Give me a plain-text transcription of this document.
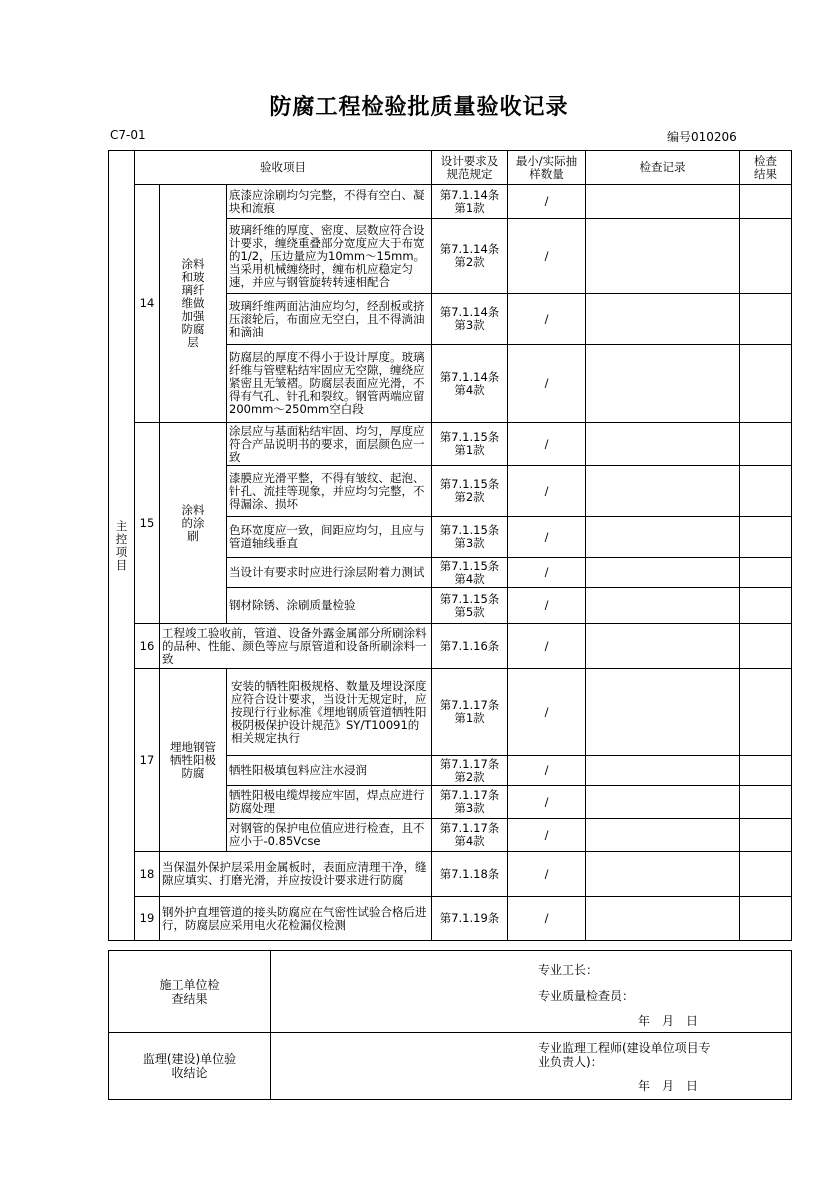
防腐工程检验批质量验收记录
C7-01	编号010206
主控项目	验收项目			设计要求及规范规定	最小/实际抽样数量	检查记录	检查结果

	14	涂料和玻璃纤维做加强防腐层	底漆应涂刷均匀完整，不得有空白、凝块和流痕	第7.1.14条第1款	/		
			玻璃纤维的厚度、密度、层数应符合设计要求，缠绕重叠部分宽度应大于布宽的1/2，压边量应为10mm～15mm。当采用机械缠绕时，缠布机应稳定匀速，并应与钢管旋转转速相配合	第7.1.14条第2款	/		
			玻璃纤维两面沾油应均匀，经刮板或挤压滚轮后，布面应无空白，且不得淌油和滴油	第7.1.14条第3款	/		
			防腐层的厚度不得小于设计厚度。玻璃纤维与管壁粘结牢固应无空隙，缠绕应紧密且无皱褶。防腐层表面应光滑，不得有气孔、针孔和裂纹。钢管两端应留200mm～250mm空白段	第7.1.14条第4款	/		
	15	涂料的涂刷	涂层应与基面粘结牢固、均匀，厚度应符合产品说明书的要求，面层颜色应一致	第7.1.15条第1款	/		
			漆膜应光滑平整，不得有皱纹、起泡、针孔、流挂等现象，并应均匀完整，不得漏涂、损坏	第7.1.15条第2款	/		
			色环宽度应一致，间距应均匀，且应与管道轴线垂直	第7.1.15条第3款	/		
			当设计有要求时应进行涂层附着力测试	第7.1.15条第4款	/		
			钢材除锈、涂刷质量检验	第7.1.15条第5款	/		
	16	工程竣工验收前，管道、设备外露金属部分所刷涂料的品种、性能、颜色等应与原管道和设备所刷涂料一致		第7.1.16条	/		
	17	埋地钢管牺牲阳极防腐	安装的牺牲阳极规格、数量及埋设深度应符合设计要求，当设计无规定时，应按现行行业标准《埋地钢质管道牺牲阳极阴极保护设计规范》SY/T10091的相关规定执行	第7.1.17条第1款	/		
			牺牲阳极填包料应注水浸润	第7.1.17条第2款	/		
			牺牲阳极电缆焊接应牢固，焊点应进行防腐处理	第7.1.17条第3款	/		
			对钢管的保护电位值应进行检查，且不应小于-0.85Vcse	第7.1.17条第4款	/		
	18	当保温外保护层采用金属板时，表面应清理干净，缝隙应填实、打磨光滑，并应按设计要求进行防腐		第7.1.18条	/		
	19	钢外护直埋管道的接头防腐应在气密性试验合格后进行，防腐层应采用电火花检漏仪检测		第7.1.19条	/		
施工单位检查结果	专业工长：
专业质量检查员：
年　月　日

监理(建设)单位验收结论	专业监理工程师(建设单位项目专业负责人)：
年　月　日
